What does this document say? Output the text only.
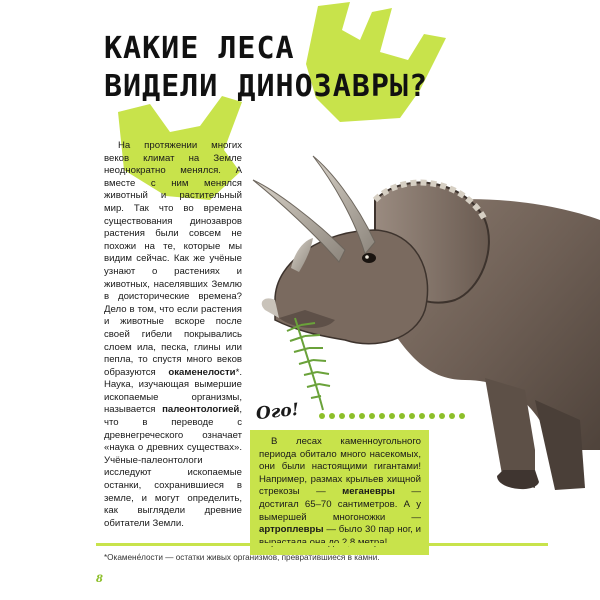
КАКИЕ ЛЕСА
ВИДЕЛИ ДИНОЗАВРЫ?

На протяжении многих веков климат на Земле неоднократно менялся. А вместе с ним менялся животный и растительный мир. Так что во времена существования динозавров растения были совсем не похожи на те, которые мы видим сейчас. Как же учёные узнают о растениях и животных, населявших Землю в доисторические времена? Дело в том, что если растения и животные вскоре после своей гибели покрывались слоем ила, песка, глины или пепла, то спустя много веков образуются окаменелости*. Наука, изучающая вымершие ископаемые организмы, называется палеонтологией, что в переводе с древнегреческого означает «наука о древних существах». Учёные-палеонтологи исследуют ископаемые останки, сохранившиеся в земле, и могут определить, как выглядели древние обитатели Земли.

Ого!

В лесах каменноугольного периода обитало много насекомых, они были настоящими гигантами! Например, размах крыльев хищной стрекозы — меганевры — достигал 65–70 сантиметров. А у вымершей многоножки — артроплевры — было 30 пар ног, и

*Окамене́лости — остатки живых организмов, превратившиеся в камни.

8
